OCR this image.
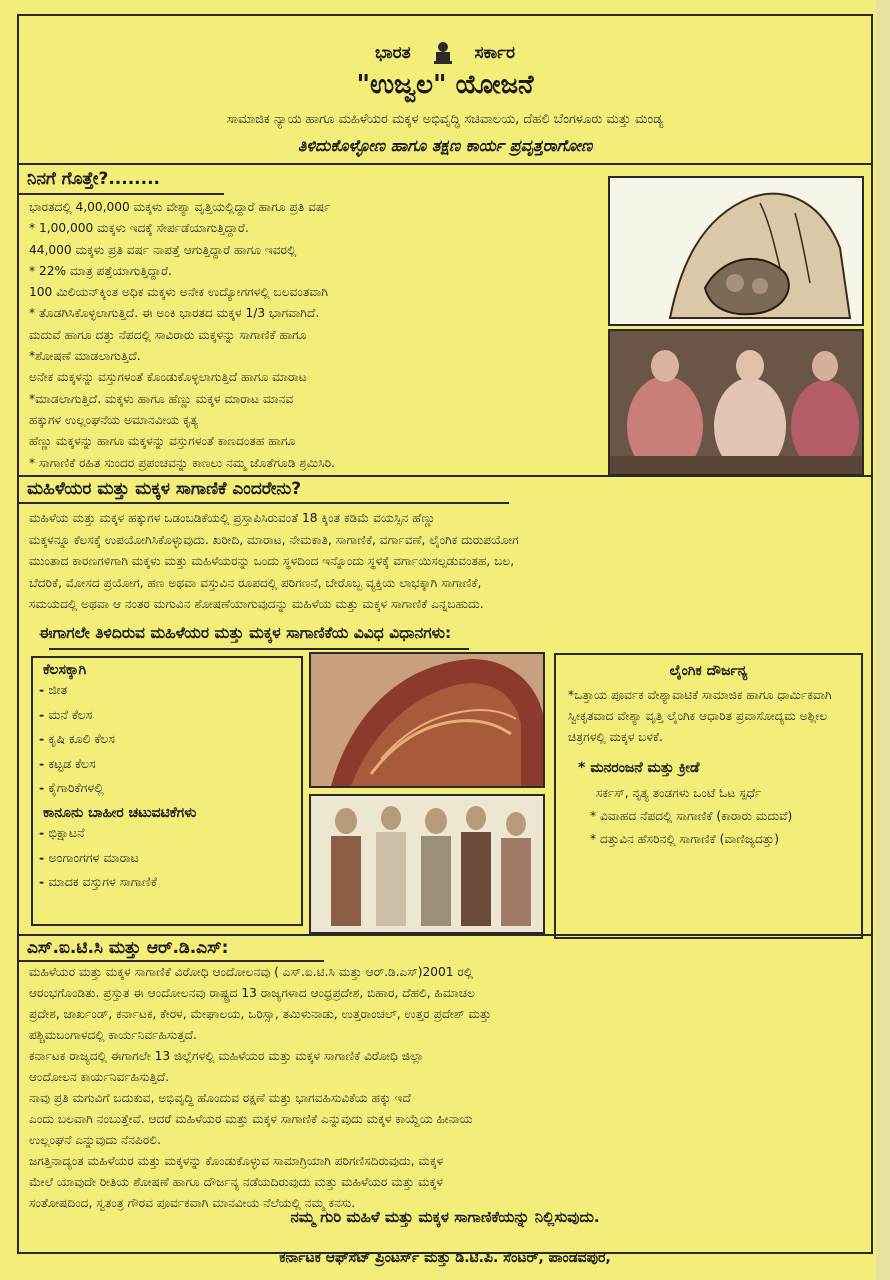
ಭಾರತ	ಸರ್ಕಾರ
"ಉಜ್ವಲ" ಯೋಜನೆ
ಸಾಮಾಜಿಕ ನ್ಯಾಯ ಹಾಗೂ ಮಹಿಳೆಯರ ಮಕ್ಕಳ ಅಭಿವೃದ್ಧಿ ಸಚಿವಾಲಯ, ದೆಹಲಿ ಬೆಂಗಳೂರು ಮತ್ತು ಮಂಡ್ಯ
ತಿಳಿದುಕೊಳ್ಳೋಣ ಹಾಗೂ ತಕ್ಷಣ ಕಾರ್ಯ ಪ್ರವೃತ್ತರಾಗೋಣ
ನಿನಗೆ ಗೊತ್ತೇ?........
ಭಾರತದಲ್ಲಿ 4,00,000 ಮಕ್ಕಳು ವೇಶ್ಯಾ ವೃತ್ತಿಯಲ್ಲಿದ್ದಾರೆ ಹಾಗೂ ಪ್ರತಿ ವರ್ಷ
* 1,00,000 ಮಕ್ಕಳು ಇದಕ್ಕೆ ಸೇರ್ಪಡೆಯಾಗುತ್ತಿದ್ದಾರೆ.
44,000 ಮಕ್ಕಳು ಪ್ರತಿ ವರ್ಷ ನಾಪತ್ತೆ ಆಗುತ್ತಿದ್ದಾರೆ ಹಾಗೂ ಇವರಲ್ಲಿ
* 22% ಮಾತ್ರ ಪತ್ತೆಯಾಗುತ್ತಿದ್ದಾರೆ.
100 ಮಿಲಿಯನ್‌ಕ್ಕಿಂತ ಅಧಿಕ ಮಕ್ಕಳು ಅನೇಕ ಉದ್ಯೋಗಗಳಲ್ಲಿ ಬಲವಂತವಾಗಿ
* ತೊಡಗಿಸಿಕೊಳ್ಳಲಾಗುತ್ತಿದೆ. ಈ ಅಂಕಿ ಭಾರತದ ಮಕ್ಕಳ 1/3 ಭಾಗವಾಗಿದೆ.
ಮದುವೆ ಹಾಗೂ ದತ್ತು ನೆಪದಲ್ಲಿ ಸಾವಿರಾರು ಮಕ್ಕಳನ್ನು ಸಾಗಾಣಿಕೆ ಹಾಗೂ
*ಶೋಷಣೆ ಮಾಡಲಾಗುತ್ತಿದೆ.
ಅನೇಕ ಮಕ್ಕಳನ್ನು ವಸ್ತುಗಳಂತೆ ಕೊಂಡುಕೊಳ್ಳಲಾಗುತ್ತಿದೆ ಹಾಗೂ ಮಾರಾಟ
*ಮಾಡಲಾಗುತ್ತಿದೆ. ಮಕ್ಕಳು ಹಾಗೂ ಹೆಣ್ಣು ಮಕ್ಕಳ ಮಾರಾಟ ಮಾನವ
ಹಕ್ಕುಗಳ ಉಲ್ಲಂಘನೆಯ ಅಮಾನವೀಯ ಕೃತ್ಯ
ಹೆಣ್ಣು ಮಕ್ಕಳನ್ನು ಹಾಗೂ ಮಕ್ಕಳನ್ನು ವಸ್ತುಗಳಂತೆ ಕಾಣದಂತಹ ಹಾಗೂ
* ಸಾಗಾಣಿಕೆ ರಹಿತ ಸುಂದರ ಪ್ರಪಂಚವನ್ನು ಕಾಣಲು ನಮ್ಮ ಜೊತೆಗೂಡಿ ಶ್ರಮಿಸಿರಿ.
ಮಹಿಳೆಯರ ಮತ್ತು ಮಕ್ಕಳ ಸಾಗಾಣಿಕೆ ಎಂದರೇನು?
ಮಹಿಳೆಯ ಮತ್ತು ಮಕ್ಕಳ ಹಕ್ಕುಗಳ ಒಡಂಬಡಿಕೆಯಲ್ಲಿ ಪ್ರಸ್ತಾಪಿಸಿರುವಂತೆ 18 ಕ್ಕಿಂತ ಕಡಿಮೆ ವಯಸ್ಸಿನ ಹೆಣ್ಣು
ಮಕ್ಕಳನ್ನೂ ಕೆಲಸಕ್ಕೆ ಉಪಯೋಗಿಸಿಕೊಳ್ಳುವುದು. ಖರೀದಿ, ಮಾರಾಟ, ನೇಮಕಾತಿ, ಸಾಗಾಣಿಕೆ, ವರ್ಗಾವಣೆ, ಲೈಂಗಿಕ ದುರುಪಯೋಗ
ಮುಂತಾದ ಕಾರಣಗಳಿಗಾಗಿ ಮಕ್ಕಳು ಮತ್ತು ಮಹಿಳೆಯರನ್ನು ಒಂದು ಸ್ಥಳದಿಂದ ಇನ್ನೊಂದು ಸ್ಥಳಕ್ಕೆ ವರ್ಗಾಯಿಸಲ್ಪಡುವಂತಹ, ಬಲ,
ಬೆದರಿಕೆ, ಮೋಸದ ಪ್ರಯೋಗ, ಹಣ ಅಥವಾ ವಸ್ತುವಿನ ರೂಪದಲ್ಲಿ ಪರಿಗಣನೆ, ಬೇರೊಬ್ಬ ವ್ಯಕ್ತಿಯ ಲಾಭಕ್ಕಾಗಿ ಸಾಗಾಣಿಕೆ,
ಸಮಯದಲ್ಲಿ ಅಥವಾ ಆ ನಂತರ ಮಗುವಿನ ಶೋಷಣೆಯಾಗುವುದನ್ನು ಮಹಿಳೆಯ ಮತ್ತು ಮಕ್ಕಳ ಸಾಗಾಣಿಕೆ ಎನ್ನಬಹುದು.
ಈಗಾಗಲೇ ತಿಳಿದಿರುವ ಮಹಿಳೆಯರ ಮತ್ತು ಮಕ್ಕಳ ಸಾಗಾಣಿಕೆಯ ವಿವಿಧ ವಿಧಾನಗಳು:
ಕೆಲಸಕ್ಕಾಗಿ
- ಜೀತ
- ಮನೆ ಕೆಲಸ
- ಕೃಷಿ ಕೂಲಿ ಕೆಲಸ
- ಕಟ್ಟಡ ಕೆಲಸ
- ಕೈಗಾರಿಕೆಗಳಲ್ಲಿ
ಕಾನೂನು ಬಾಹೀರ ಚಟುವಟಿಕೆಗಳು
- ಭಿಕ್ಷಾಟನೆ
- ಅಂಗಾಂಗಗಳ ಮಾರಾಟ
- ಮಾದಕ ವಸ್ತುಗಳ ಸಾಗಾಣಿಕೆ
ಲೈಂಗಿಕ ದೌರ್ಜನ್ಯ
*ಒತ್ತಾಯ ಪೂರ್ವಕ ವೇಶ್ಯಾವಾಟಿಕೆ ಸಾಮಾಜಿಕ ಹಾಗೂ ಧಾರ್ಮಿಕವಾಗಿ ಸ್ವೀಕೃತವಾದ ವೇಶ್ಯಾ ವೃತ್ತಿ ಲೈಂಗಿಕ ಆಧಾರಿತ ಪ್ರವಾಸೋದ್ಯಮ ಅಶ್ಲೀಲ ಚಿತ್ರಗಳಲ್ಲಿ ಮಕ್ಕಳ ಬಳಕೆ.
* ಮನರಂಜನೆ ಮತ್ತು ಕ್ರೀಡೆ
ಸರ್ಕಸ್, ನೃತ್ಯ ತಂಡಗಳು ಒಂಟೆ ಓಟ ಸ್ಪರ್ಧೆ
* ವಿವಾಹದ ನೆಪದಲ್ಲಿ ಸಾಗಾಣಿಕೆ (ಕಾರಾರು ಮದುವೆ)
* ದತ್ತುವಿನ ಹೆಸರಿನಲ್ಲಿ ಸಾಗಾಣಿಕೆ (ವಾಣಿಜ್ಯದತ್ತು)
ಎಸ್.ಐ.ಟಿ.ಸಿ ಮತ್ತು ಆರ್.ಡಿ.ಎಸ್:
ಮಹಿಳೆಯರ ಮತ್ತು ಮಕ್ಕಳ ಸಾಗಾಣಿಕೆ ವಿರೋಧಿ ಆಂದೋಲನವು ( ಎಸ್.ಐ.ಟಿ.ಸಿ ಮತ್ತು ಆರ್.ಡಿ.ಎಸ್)2001 ರಲ್ಲಿ
ಆರಂಭಗೊಂಡಿತು. ಪ್ರಸ್ತುತ ಈ ಆಂದೋಲನವು ರಾಷ್ಟ್ರದ 13 ರಾಜ್ಯಗಳಾದ ಆಂಧ್ರಪ್ರದೇಶ, ಬಿಹಾರ, ದೆಹಲಿ, ಹಿಮಾಚಲ
ಪ್ರದೇಶ, ಜಾರ್ಖಂಡ್, ಕರ್ನಾಟಕ, ಕೇರಳ, ಮೇಘಾಲಯ, ಒರಿಸ್ಸಾ, ತಮಿಳುನಾಡು, ಉತ್ತರಾಂಚಲ್, ಉತ್ತರ ಪ್ರದೇಶ್ ಮತ್ತು
ಪಶ್ಚಿಮಬಂಗಾಳದಲ್ಲಿ ಕಾರ್ಯನಿರ್ವಹಿಸುತ್ತದೆ.
ಕರ್ನಾಟಕ ರಾಜ್ಯದಲ್ಲಿ ಈಗಾಗಲೇ 13 ಜಿಲ್ಲೆಗಳಲ್ಲಿ ಮಹಿಳೆಯರ ಮತ್ತು ಮಕ್ಕಳ ಸಾಗಾಣಿಕೆ ವಿರೋಧಿ ಜಿಲ್ಲಾ
ಆಂದೋಲನ ಕಾರ್ಯನಿರ್ವಹಿಸುತ್ತಿದೆ.
ನಾವು ಪ್ರತಿ ಮಗುವಿಗೆ ಬದುಕುವ, ಅಭಿವೃದ್ಧಿ ಹೊಂದುವ ರಕ್ಷಣೆ ಮತ್ತು ಭಾಗವಹಿಸುವಿಕೆಯ ಹಕ್ಕು ಇದೆ
ಎಂದು ಬಲವಾಗಿ ನಂಬುತ್ತೇವೆ. ಆದರೆ ಮಹಿಳೆಯರ ಮತ್ತು ಮಕ್ಕಳ ಸಾಗಾಣಿಕೆ ಎನ್ನುವುದು ಮಕ್ಕಳ ಕಾಯ್ದೆಯ ಹೀನಾಯ
ಉಲ್ಲಂಘನೆ ಎನ್ನುವುದು ನೆನಪಿರಲಿ.
ಜಗತ್ತಿನಾದ್ಯಂತ ಮಹಿಳೆಯರ ಮತ್ತು ಮಕ್ಕಳನ್ನು ಕೊಂಡುಕೊಳ್ಳುವ ಸಾಮಾಗ್ರಿಯಾಗಿ ಪರಿಗಣಿಸದಿರುವುದು, ಮಕ್ಕಳ
ಮೇಲೆ ಯಾವುದೇ ರೀತಿಯ ಶೋಷಣೆ ಹಾಗೂ ದೌರ್ಜನ್ಯ ನಡೆಯದಿರುವುದು ಮತ್ತು ಮಹಿಳೆಯರ ಮತ್ತು ಮಕ್ಕಳ
ಸಂತೋಷದಿಂದ, ಸ್ವತಂತ್ರ ಗೌರವ ಪೂರ್ವಕವಾಗಿ ಮಾನವೀಯ ನೆಲೆಯಲ್ಲಿ ನಮ್ಮ ಕನಸು.
ನಮ್ಮ ಗುರಿ ಮಹಿಳೆ ಮತ್ತು ಮಕ್ಕಳ ಸಾಗಾಣಿಕೆಯನ್ನು ನಿಲ್ಲಿಸುವುದು.
ಕರ್ನಾಟಕ ಆಫ್‌ಸೆಟ್ ಪ್ರಿಂಟರ್ಸ್ ಮತ್ತು ಡಿ.ಟಿ.ಪಿ. ಸೆಂಟರ್, ಪಾಂಡವಪುರ,
